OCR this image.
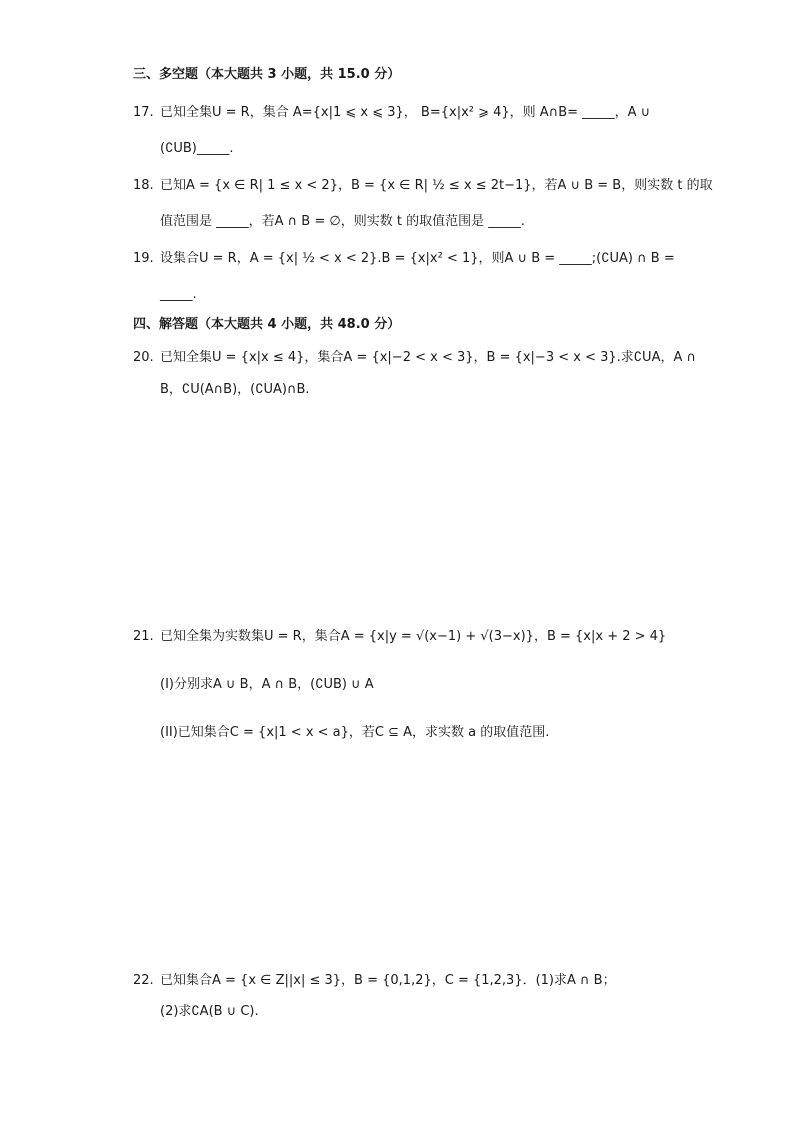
三、多空题（本大题共 3 小题，共 15.0 分）
17. 已知全集U = R，集合 A={x|1 ⩽ x ⩽ 3}， B={x|x² ⩾ 4}，则 A∩B= _____，A ∪
(∁UB)_____.
18. 已知A = {x ∈ R| 1 ≤ x < 2}，B = {x ∈ R| ½ ≤ x ≤ 2t−1}，若A ∪ B = B，则实数 t 的取
值范围是 _____，若A ∩ B = ∅，则实数 t 的取值范围是 _____.
19. 设集合U = R，A = {x| ½ < x < 2}.B = {x|x² < 1}，则A ∪ B = _____;(∁UA) ∩ B =
_____.
四、解答题（本大题共 4 小题，共 48.0 分）
20. 已知全集U = {x|x ≤ 4}，集合A = {x|−2 < x < 3}，B = {x|−3 < x < 3}.求∁UA，A ∩
B，∁U(A∩B)，(∁UA)∩B.
21. 已知全集为实数集U = R，集合A = {x|y = √(x−1) + √(3−x)}，B = {x|x + 2 > 4}
(I)分别求A ∪ B，A ∩ B，(∁UB) ∪ A
(II)已知集合C = {x|1 < x < a}，若C ⊆ A，求实数 a 的取值范围.
22. 已知集合A = {x ∈ Z||x| ≤ 3}，B = {0,1,2}，C = {1,2,3}．(1)求A ∩ B；
(2)求∁A(B ∪ C).
